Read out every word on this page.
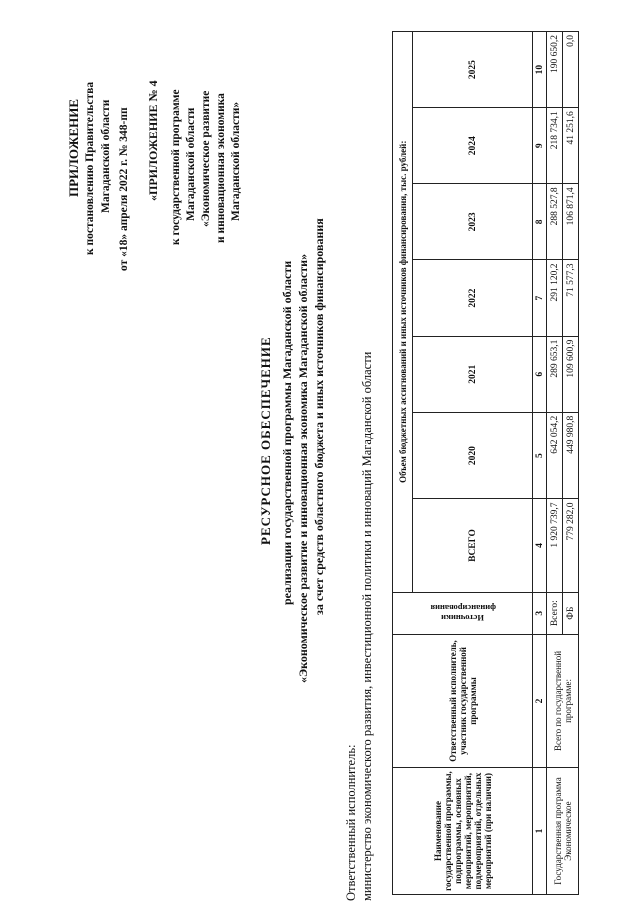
ПРИЛОЖЕНИЕ к постановлению Правительства Магаданской области от «18» апреля 2022 г. № 348-пп «ПРИЛОЖЕНИЕ № 4 к государственной программе Магаданской области «Экономическое развитие и инновационная экономика Магаданской области»
РЕСУРСНОЕ ОБЕСПЕЧЕНИЕ реализации государственной программы Магаданской области «Экономическое развитие и инновационная экономика Магаданской области» за счет средств областного бюджета и иных источников финансирования
Ответственный исполнитель: министерство экономического развития, инвестиционной политики и инноваций Магаданской области	Наименование государственной программы, подпрограммы, основных мероприятий, мероприятий, подмероприятий, отдельных мероприятий (при наличии)	Ответственный исполнитель, участник государственной программы	Источники финансирования	Объем бюджетных ассигнований и иных источников финансирования, тыс. рублей:						
			ВСЕГО	2020	2021	2022	2023	2024	2025
1	2	3	4	5	6	7	8	9	10
Государственная программа Экономическое	Всего по государственной программе:	Всего:	1 920 739,7	642 054,2	289 653,1	291 120,2	288 527,8	218 734,1	190 650,2
		ФБ	779 282,0	449 980,8	109 600,9	71 577,3	106 871,4	41 251,6	0,0
